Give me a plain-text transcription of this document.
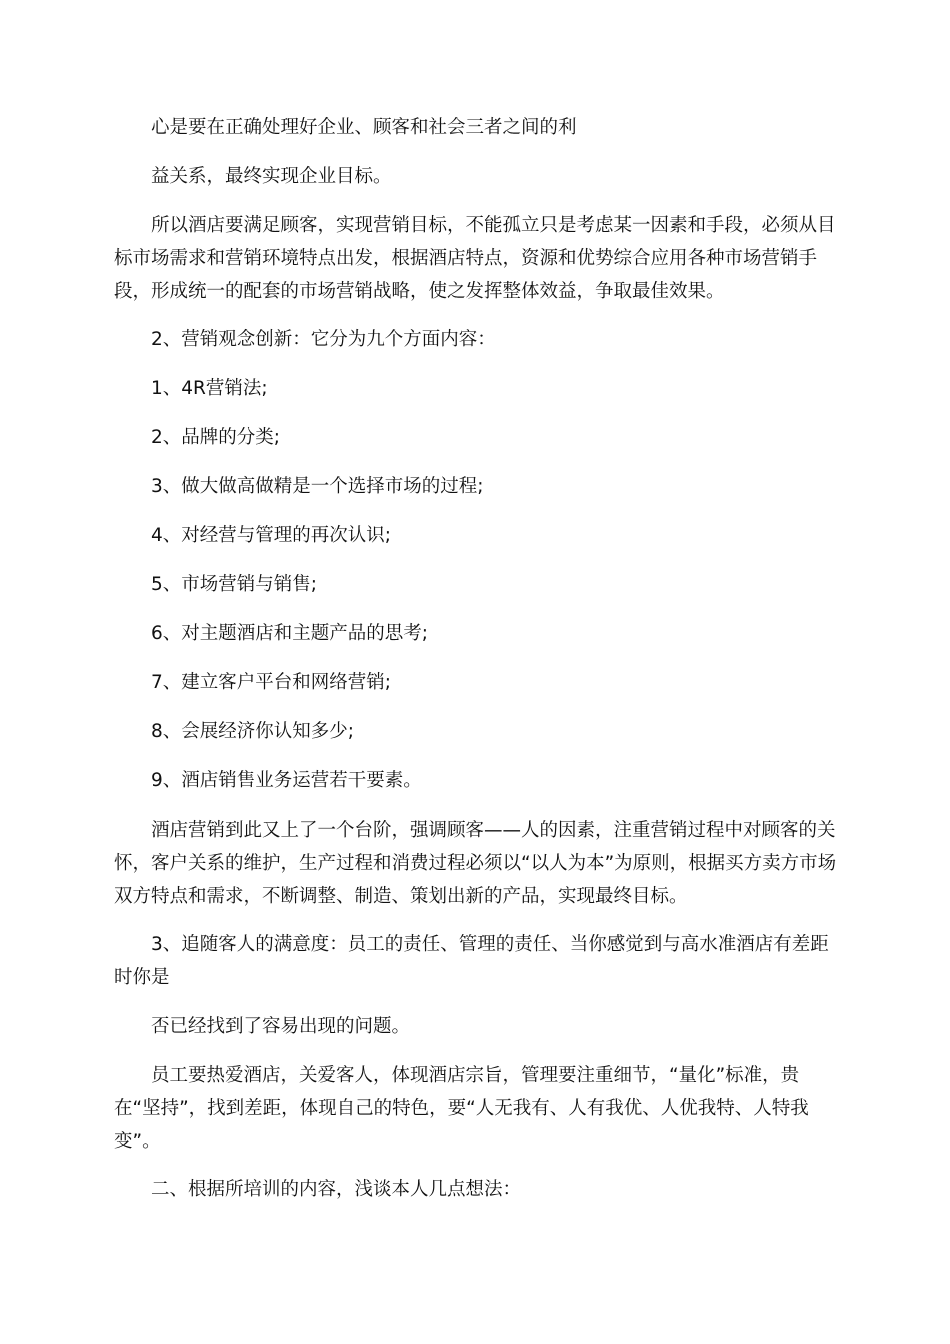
心是要在正确处理好企业、顾客和社会三者之间的利

益关系，最终实现企业目标。

所以酒店要满足顾客，实现营销目标，不能孤立只是考虑某一因素和手段，必须从目标市场需求和营销环境特点出发，根据酒店特点，资源和优势综合应用各种市场营销手段，形成统一的配套的市场营销战略，使之发挥整体效益，争取最佳效果。

2、营销观念创新：它分为九个方面内容：

1、4R营销法;

2、品牌的分类;

3、做大做高做精是一个选择市场的过程;

4、对经营与管理的再次认识;

5、市场营销与销售;

6、对主题酒店和主题产品的思考;

7、建立客户平台和网络营销;

8、会展经济你认知多少;

9、酒店销售业务运营若干要素。

酒店营销到此又上了一个台阶，强调顾客——人的因素，注重营销过程中对顾客的关怀，客户关系的维护，生产过程和消费过程必须以“以人为本”为原则，根据买方卖方市场双方特点和需求，不断调整、制造、策划出新的产品，实现最终目标。

3、追随客人的满意度：员工的责任、管理的责任、当你感觉到与高水准酒店有差距时你是

否已经找到了容易出现的问题。

员工要热爱酒店，关爱客人，体现酒店宗旨，管理要注重细节，“量化”标准，贵在“坚持”，找到差距，体现自己的特色，要“人无我有、人有我优、人优我特、人特我变”。

二、根据所培训的内容，浅谈本人几点想法：
